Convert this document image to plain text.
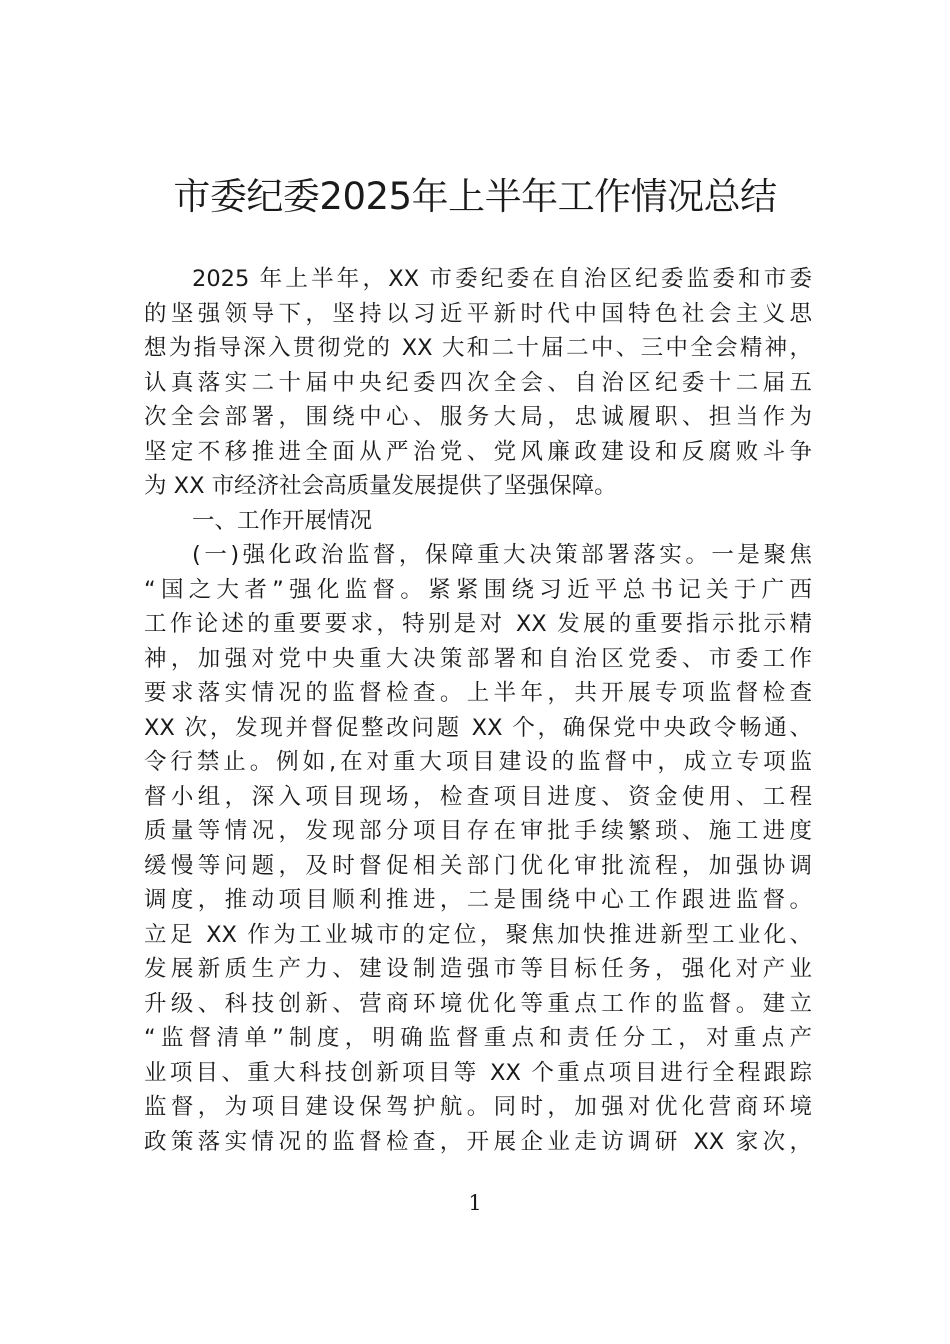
市委纪委2025年上半年工作情况总结
2025 年上半年，XX 市委纪委在自治区纪委监委和市委
的坚强领导下，坚持以习近平新时代中国特色社会主义思
想为指导深入贯彻党的 XX 大和二十届二中、三中全会精神，
认真落实二十届中央纪委四次全会、自治区纪委十二届五
次全会部署，围绕中心、服务大局，忠诚履职、担当作为
坚定不移推进全面从严治党、党风廉政建设和反腐败斗争
为 XX 市经济社会高质量发展提供了坚强保障。
一、工作开展情况
(一)强化政治监督，保障重大决策部署落实。一是聚焦
“国之大者”强化监督。紧紧围绕习近平总书记关于广西
工作论述的重要要求，特别是对 XX 发展的重要指示批示精
神，加强对党中央重大决策部署和自治区党委、市委工作
要求落实情况的监督检查。上半年，共开展专项监督检查
XX 次，发现并督促整改问题 XX 个，确保党中央政令畅通、
令行禁止。例如,在对重大项目建设的监督中，成立专项监
督小组，深入项目现场，检查项目进度、资金使用、工程
质量等情况，发现部分项目存在审批手续繁琐、施工进度
缓慢等问题，及时督促相关部门优化审批流程，加强协调
调度，推动项目顺利推进，二是围绕中心工作跟进监督。
立足 XX 作为工业城市的定位，聚焦加快推进新型工业化、
发展新质生产力、建设制造强市等目标任务，强化对产业
升级、科技创新、营商环境优化等重点工作的监督。建立
“监督清单”制度，明确监督重点和责任分工，对重点产
业项目、重大科技创新项目等 XX 个重点项目进行全程跟踪
监督，为项目建设保驾护航。同时，加强对优化营商环境
政策落实情况的监督检查，开展企业走访调研 XX 家次，
1
